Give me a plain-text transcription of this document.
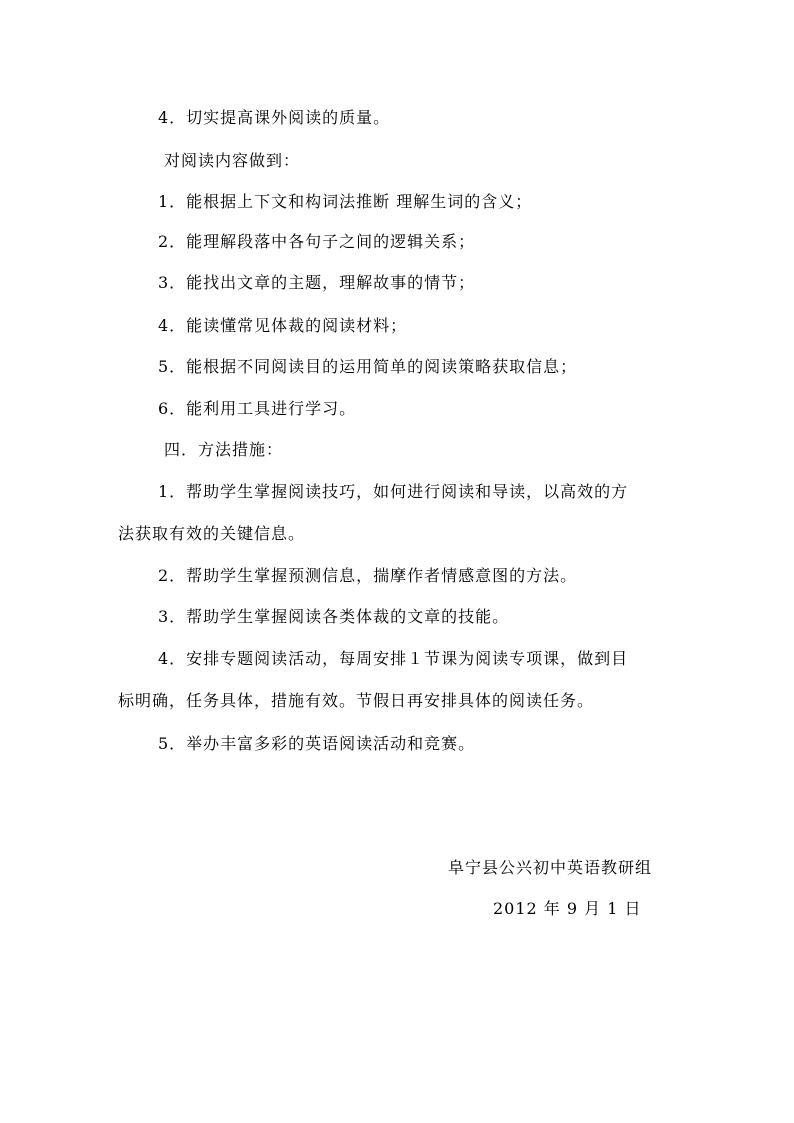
4．切实提高课外阅读的质量。
对阅读内容做到：
1．能根据上下文和构词法推断 理解生词的含义；
2．能理解段落中各句子之间的逻辑关系；
3．能找出文章的主题，理解故事的情节；
4．能读懂常见体裁的阅读材料；
5．能根据不同阅读目的运用简单的阅读策略获取信息；
6．能利用工具进行学习。
四．方法措施：
1．帮助学生掌握阅读技巧，如何进行阅读和导读，以高效的方
法获取有效的关键信息。
2．帮助学生掌握预测信息，揣摩作者情感意图的方法。
3．帮助学生掌握阅读各类体裁的文章的技能。
4．安排专题阅读活动，每周安排１节课为阅读专项课，做到目
标明确，任务具体，措施有效。节假日再安排具体的阅读任务。
5．举办丰富多彩的英语阅读活动和竞赛。
阜宁县公兴初中英语教研组
2012 年 9 月 1 日
